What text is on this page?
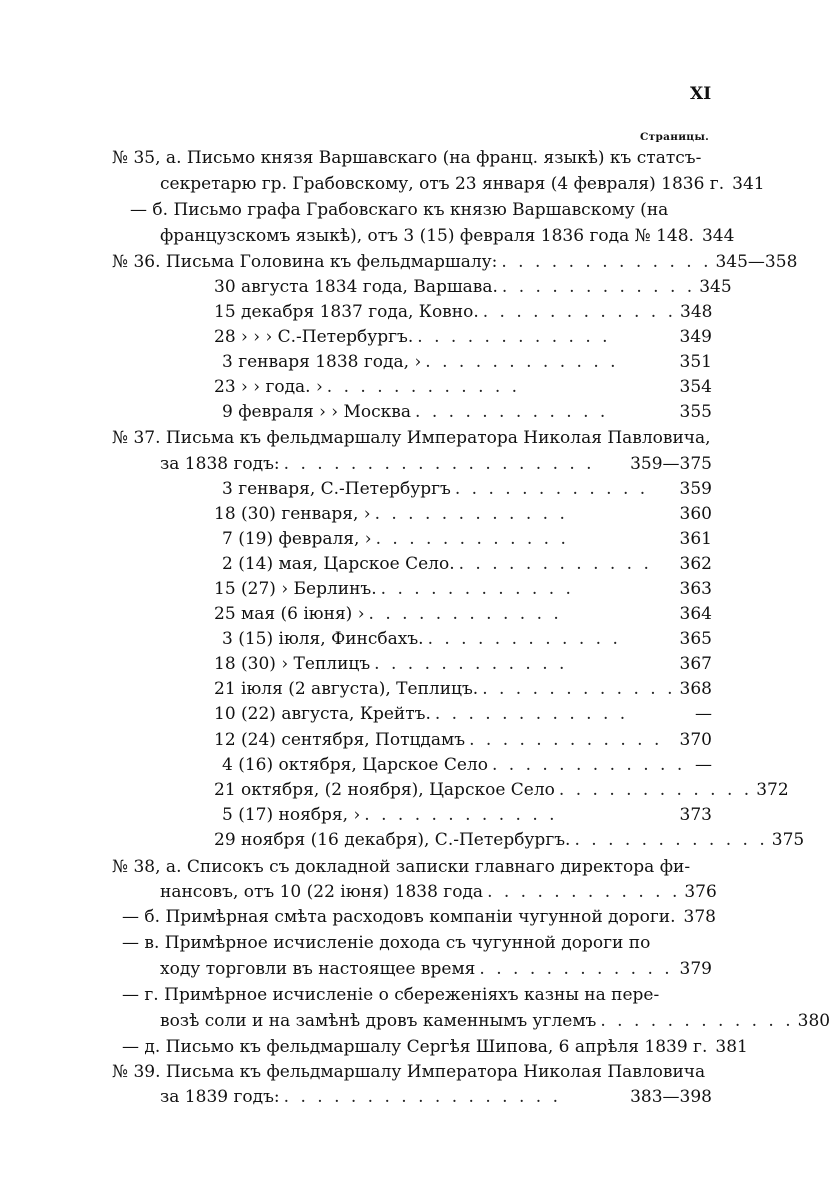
XI
Страницы.
№ 35, а. Письмо князя Варшавскаго (на франц. языкѣ) къ статсъ-
секретарю гр. Грабовскому, отъ 23 января (4 февраля) 1836 г. 341
— б. Письмо графа Грабовскаго къ князю Варшавскому (на
французскомъ языкѣ), отъ 3 (15) февраля 1836 года № 148. 344
№ 36. Письма Головина къ фельдмаршалу: . . . . . . . . . . . . . 345—358
30 августа 1834 года, Варшава. . . . . . . . . . . . . 345
15 декабря 1837 года, Ковно. . . . . . . . . . . . . 348
28 › › › С.-Петербургъ. . . . . . . . . . . . .	349
3 генваря 1838 года, › . . . . . . . . . . . .	351
23 › › года. › . . . . . . . . . . . .	354
9 февраля › › Москва . . . . . . . . . . . .	355
№ 37. Письма къ фельдмаршалу Императора Николая Павловича,
за 1838 годъ: . . . . . . . . . . . . . . . . . . .	359—375
3 генваря, С.-Петербургъ . . . . . . . . . . . .	359
18 (30) генваря, › . . . . . . . . . . . .	360
7 (19) февраля, › . . . . . . . . . . . .	361
2 (14) мая, Царское Село. . . . . . . . . . . . .	362
15 (27) › Берлинъ. . . . . . . . . . . . .	363
25 мая (6 іюня) › . . . . . . . . . . . .	364
3 (15) іюля, Финсбахъ. . . . . . . . . . . . .	365
18 (30) › Теплицъ . . . . . . . . . . . .	367
21 іюля (2 августа), Теплицъ. . . . . . . . . . . . . 368
10 (22) августа, Крейтъ. . . . . . . . . . . . .	—
12 (24) сентября, Потцдамъ . . . . . . . . . . . .	370
4 (16) октября, Царское Село . . . . . . . . . . . . —
21 октября, (2 ноября), Царское Село . . . . . . . . . . . . 372
5 (17) ноября, › . . . . . . . . . . . .	373
29 ноября (16 декабря), С.-Петербургъ. . . . . . . . . . . . . 375
№ 38, а. Списокъ съ докладной записки главнаго директора фи-
нансовъ, отъ 10 (22 іюня) 1838 года . . . . . . . . . . . . 376
— б. Примѣрная смѣта расходовъ компаніи чугунной дороги. 378
— в. Примѣрное исчисленіе дохода съ чугунной дороги по
ходу торговли въ настоящее время . . . . . . . . . . . . 379
— г. Примѣрное исчисленіе о сбереженіяхъ казны на пере-
возѣ соли и на замѣнѣ дровъ каменнымъ углемъ . . . . . . . . . . . . 380
— д. Письмо къ фельдмаршалу Сергѣя Шипова, 6 апрѣля 1839 г. 381
№ 39. Письма къ фельдмаршалу Императора Николая Павловича
за 1839 годъ: . . . . . . . . . . . . . . . . .	383—398
